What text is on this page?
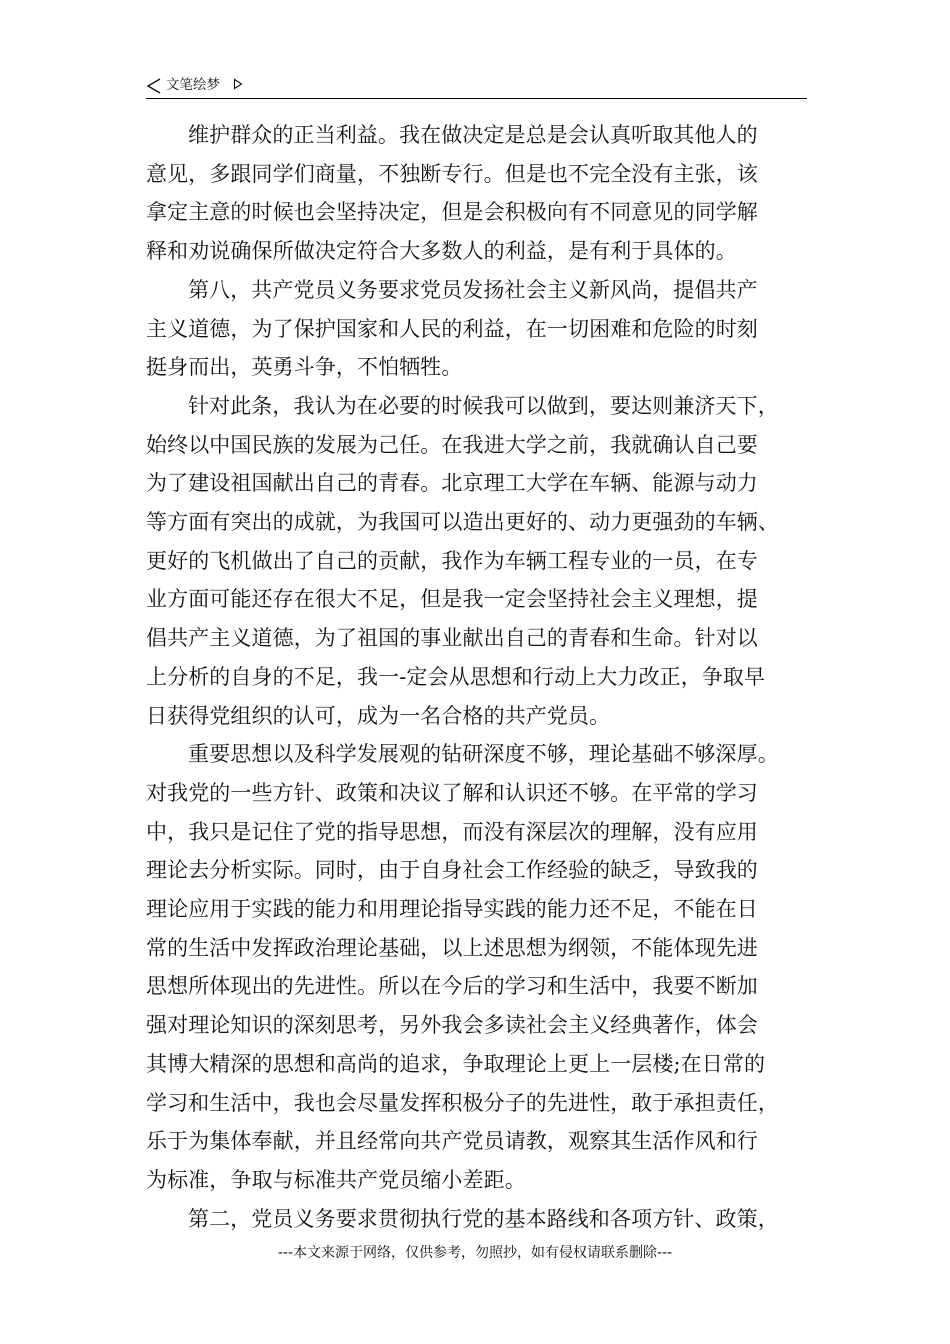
文笔绘梦

维护群众的正当利益。我在做决定是总是会认真听取其他人的
意见，多跟同学们商量，不独断专行。但是也不完全没有主张，该
拿定主意的时候也会坚持决定，但是会积极向有不同意见的同学解
释和劝说确保所做决定符合大多数人的利益，是有利于具体的。

第八，共产党员义务要求党员发扬社会主义新风尚，提倡共产
主义道德，为了保护国家和人民的利益，在一切困难和危险的时刻
挺身而出，英勇斗争，不怕牺牲。

针对此条，我认为在必要的时候我可以做到，要达则兼济天下，
始终以中国民族的发展为己任。在我进大学之前，我就确认自己要
为了建设祖国献出自己的青春。北京理工大学在车辆、能源与动力
等方面有突出的成就，为我国可以造出更好的、动力更强劲的车辆、
更好的飞机做出了自己的贡献，我作为车辆工程专业的一员，在专
业方面可能还存在很大不足，但是我一定会坚持社会主义理想，提
倡共产主义道德，为了祖国的事业献出自己的青春和生命。针对以
上分析的自身的不足，我一-定会从思想和行动上大力改正，争取早
日获得党组织的认可，成为一名合格的共产党员。

重要思想以及科学发展观的钻研深度不够，理论基础不够深厚。
对我党的一些方针、政策和决议了解和认识还不够。在平常的学习
中，我只是记住了党的指导思想，而没有深层次的理解，没有应用
理论去分析实际。同时，由于自身社会工作经验的缺乏，导致我的
理论应用于实践的能力和用理论指导实践的能力还不足，不能在日
常的生活中发挥政治理论基础，以上述思想为纲领，不能体现先进
思想所体现出的先进性。所以在今后的学习和生活中，我要不断加
强对理论知识的深刻思考，另外我会多读社会主义经典著作，体会
其博大精深的思想和高尚的追求，争取理论上更上一层楼;在日常的
学习和生活中，我也会尽量发挥积极分子的先进性，敢于承担责任，
乐于为集体奉献，并且经常向共产党员请教，观察其生活作风和行
为标准，争取与标准共产党员缩小差距。

第二，党员义务要求贯彻执行党的基本路线和各项方针、政策，

---本文来源于网络，仅供参考，勿照抄，如有侵权请联系删除---
